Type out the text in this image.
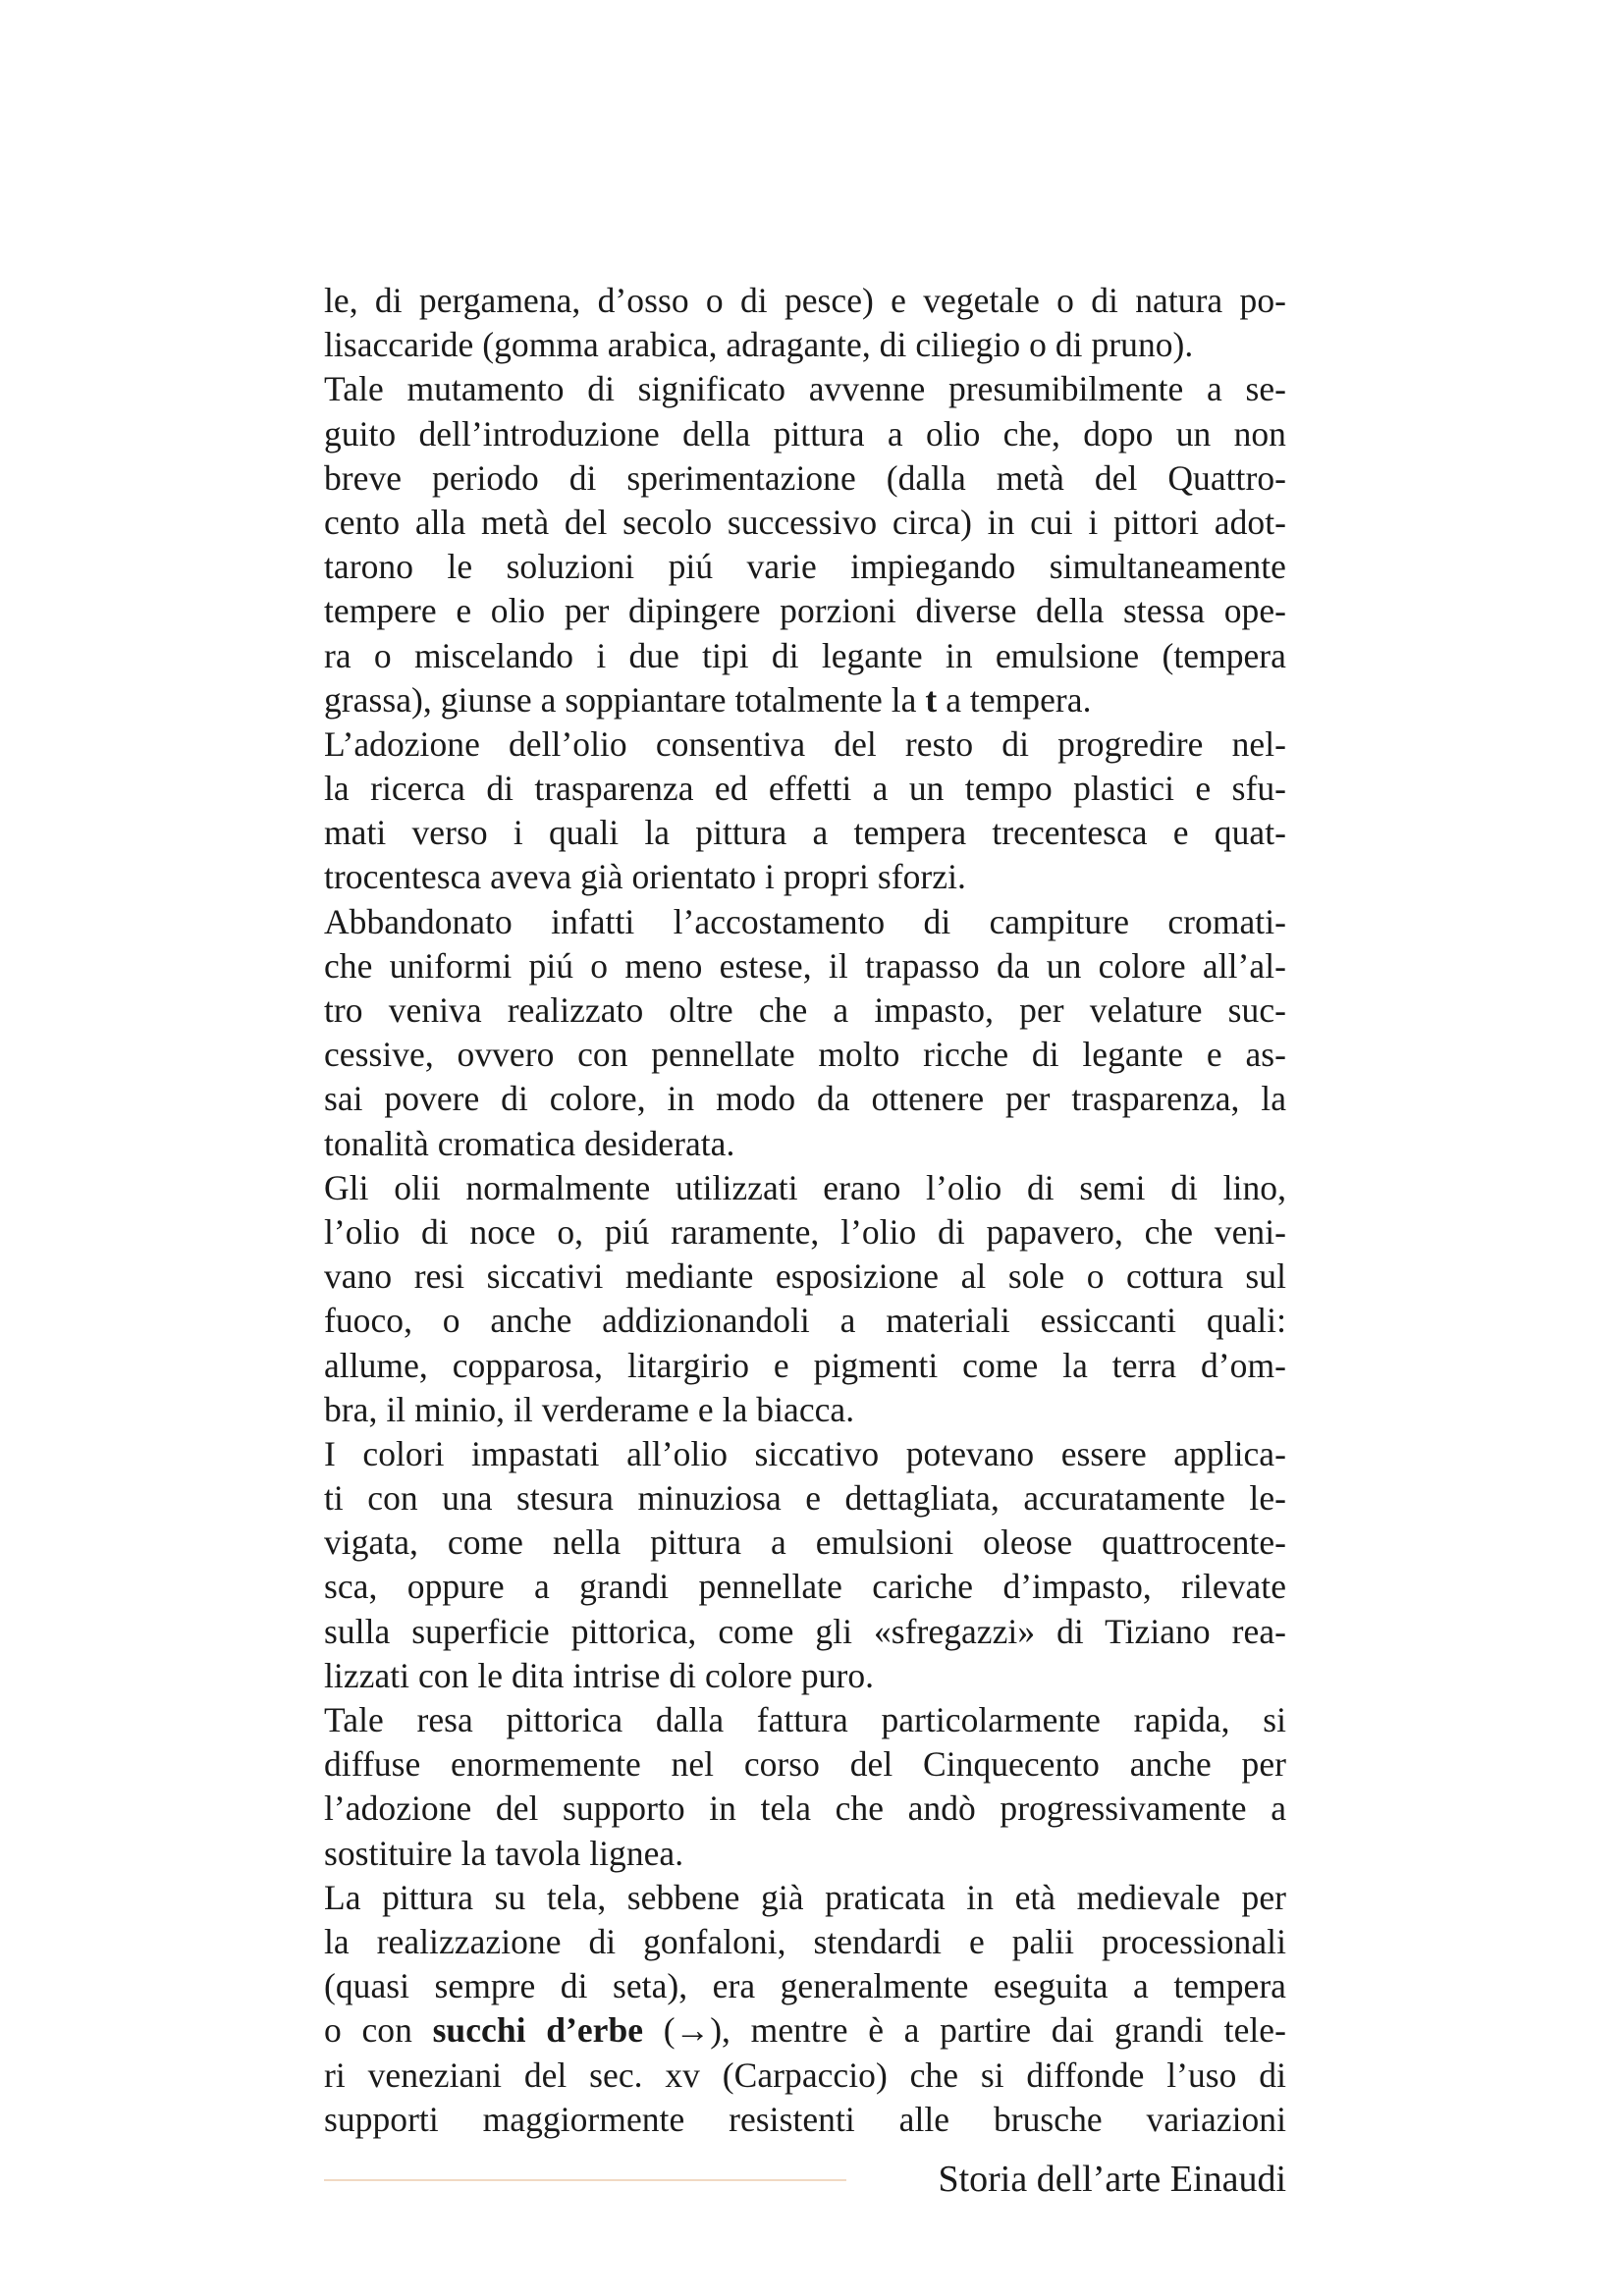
le, di pergamena, d’osso o di pesce) e vegetale o di natura po-
lisaccaride (gomma arabica, adragante, di ciliegio o di pruno).
Tale mutamento di significato avvenne presumibilmente a se-
guito dell’introduzione della pittura a olio che, dopo un non
breve periodo di sperimentazione (dalla metà del Quattro-
cento alla metà del secolo successivo circa) in cui i pittori adot-
tarono le soluzioni piú varie impiegando simultaneamente
tempere e olio per dipingere porzioni diverse della stessa ope-
ra o miscelando i due tipi di legante in emulsione (tempera
grassa), giunse a soppiantare totalmente la t a tempera.
L’adozione dell’olio consentiva del resto di progredire nel-
la ricerca di trasparenza ed effetti a un tempo plastici e sfu-
mati verso i quali la pittura a tempera trecentesca e quat-
trocentesca aveva già orientato i propri sforzi.
Abbandonato infatti l’accostamento di campiture cromati-
che uniformi piú o meno estese, il trapasso da un colore all’al-
tro veniva realizzato oltre che a impasto, per velature suc-
cessive, ovvero con pennellate molto ricche di legante e as-
sai povere di colore, in modo da ottenere per trasparenza, la
tonalità cromatica desiderata.
Gli olii normalmente utilizzati erano l’olio di semi di lino,
l’olio di noce o, piú raramente, l’olio di papavero, che veni-
vano resi siccativi mediante esposizione al sole o cottura sul
fuoco, o anche addizionandoli a materiali essiccanti quali:
allume, copparosa, litargirio e pigmenti come la terra d’om-
bra, il minio, il verderame e la biacca.
I colori impastati all’olio siccativo potevano essere applica-
ti con una stesura minuziosa e dettagliata, accuratamente le-
vigata, come nella pittura a emulsioni oleose quattrocente-
sca, oppure a grandi pennellate cariche d’impasto, rilevate
sulla superficie pittorica, come gli «sfregazzi» di Tiziano rea-
lizzati con le dita intrise di colore puro.
Tale resa pittorica dalla fattura particolarmente rapida, si
diffuse enormemente nel corso del Cinquecento anche per
l’adozione del supporto in tela che andò progressivamente a
sostituire la tavola lignea.
La pittura su tela, sebbene già praticata in età medievale per
la realizzazione di gonfaloni, stendardi e palii processionali
(quasi sempre di seta), era generalmente eseguita a tempera
o con succhi d’erbe (→), mentre è a partire dai grandi tele-
ri veneziani del sec. xv (Carpaccio) che si diffonde l’uso di
supporti maggiormente resistenti alle brusche variazioni
Storia dell’arte Einaudi
